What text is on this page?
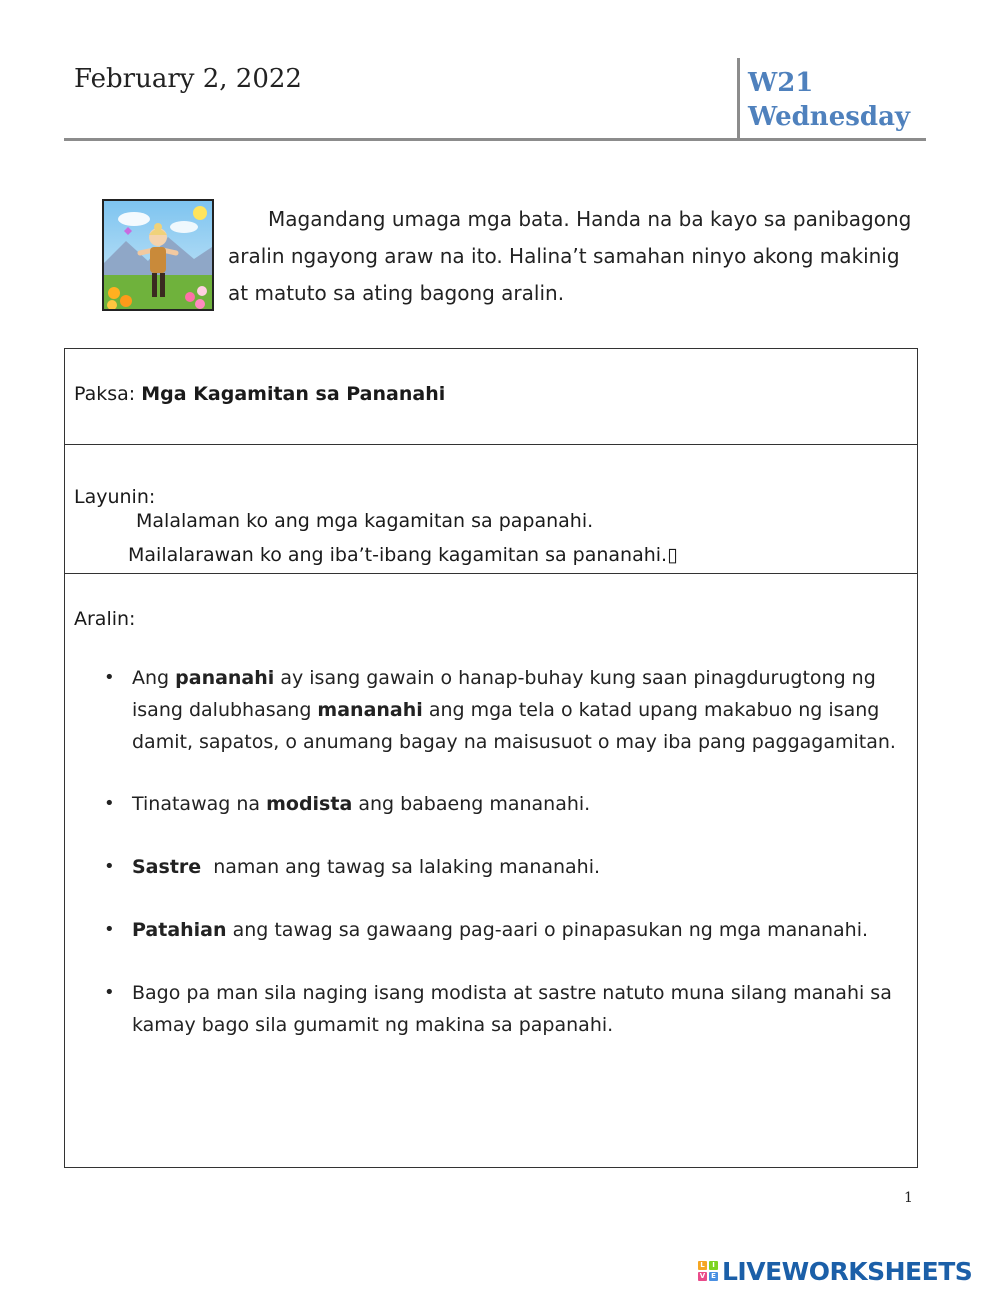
February 2, 2022	W21
Wednesday
Magandang umaga mga bata. Handa na ba kayo sa panibagong aralin ngayong araw na ito. Halina’t samahan ninyo akong makinig at matuto sa ating bagong aralin.
Paksa: Mga Kagamitan sa Pananahi
Layunin:
Malalaman ko ang mga kagamitan sa papanahi.
Mailalarawan ko ang iba’t-ibang kagamitan sa pananahi.▯
Aralin:
• Ang pananahi ay isang gawain o hanap-buhay kung saan pinagdurugtong ng isang dalubhasang mananahi ang mga tela o katad upang makabuo ng isang damit, sapatos, o anumang bagay na maisusuot o may iba pang paggagamitan.
• Tinatawag na modista ang babaeng mananahi.
• Sastre  naman ang tawag sa lalaking mananahi.
• Patahian ang tawag sa gawaang pag-aari o pinapasukan ng mga mananahi.
• Bago pa man sila naging isang modista at sastre natuto muna silang manahi sa kamay bago sila gumamit ng makina sa papanahi.
1
L	I
V E LIVEWORKSHEETS
